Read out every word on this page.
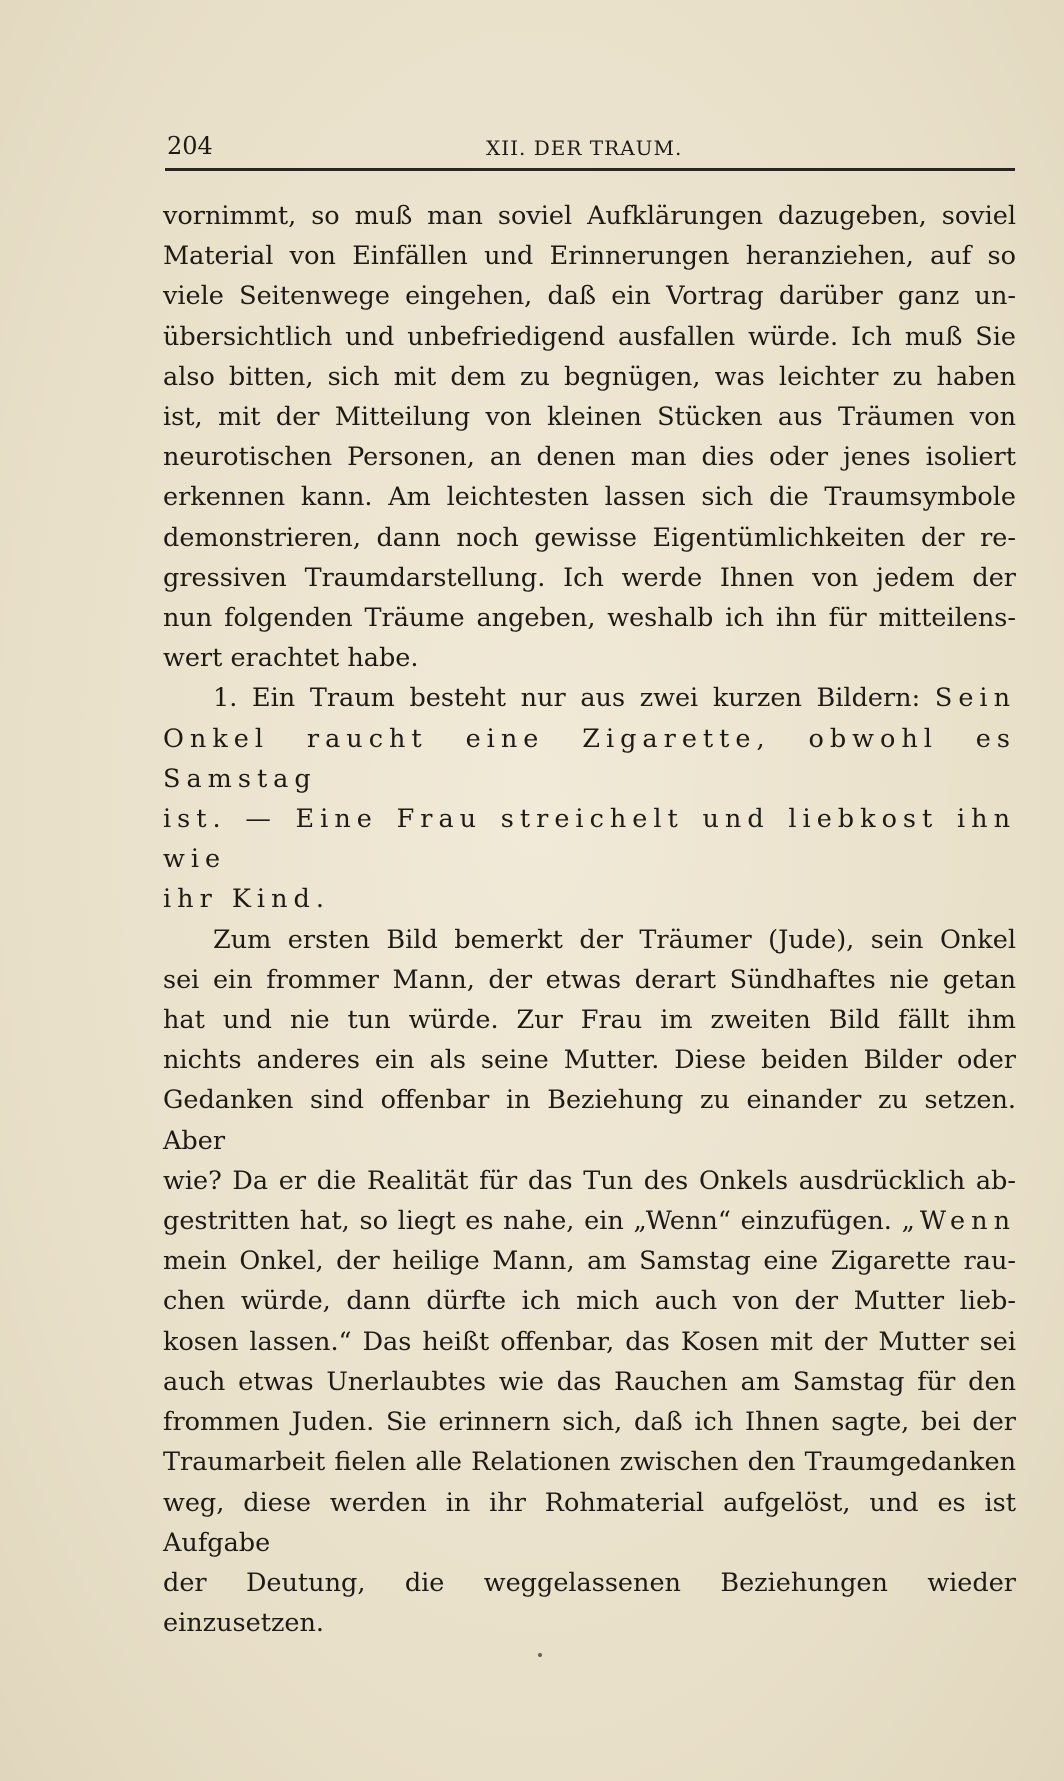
204	XII. DER TRAUM.

vornimmt, so muß man soviel Aufklärungen dazugeben, soviel

Material von Einfällen und Erinnerungen heranziehen, auf so

viele Seitenwege eingehen, daß ein Vortrag darüber ganz un-

übersichtlich und unbefriedigend ausfallen würde. Ich muß Sie

also bitten, sich mit dem zu begnügen, was leichter zu haben

ist, mit der Mitteilung von kleinen Stücken aus Träumen von

neurotischen Personen, an denen man dies oder jenes isoliert

erkennen kann. Am leichtesten lassen sich die Traumsymbole

demonstrieren, dann noch gewisse Eigentümlichkeiten der re-

gressiven Traumdarstellung. Ich werde Ihnen von jedem der

nun folgenden Träume angeben, weshalb ich ihn für mitteilens-

wert erachtet habe.

1. Ein Traum besteht nur aus zwei kurzen Bildern: Sein

Onkel raucht eine Zigarette, obwohl es Samstag

ist. — Eine Frau streichelt und liebkost ihn wie

ihr Kind.

Zum ersten Bild bemerkt der Träumer (Jude), sein Onkel

sei ein frommer Mann, der etwas derart Sündhaftes nie getan

hat und nie tun würde. Zur Frau im zweiten Bild fällt ihm

nichts anderes ein als seine Mutter. Diese beiden Bilder oder

Gedanken sind offenbar in Beziehung zu einander zu setzen. Aber

wie? Da er die Realität für das Tun des Onkels ausdrücklich ab-

gestritten hat, so liegt es nahe, ein „Wenn“ einzufügen. „Wenn

mein Onkel, der heilige Mann, am Samstag eine Zigarette rau-

chen würde, dann dürfte ich mich auch von der Mutter lieb-

kosen lassen.“ Das heißt offenbar, das Kosen mit der Mutter sei

auch etwas Unerlaubtes wie das Rauchen am Samstag für den

frommen Juden. Sie erinnern sich, daß ich Ihnen sagte, bei der

Traumarbeit fielen alle Relationen zwischen den Traumgedanken

weg, diese werden in ihr Rohmaterial aufgelöst, und es ist Aufgabe

der Deutung, die weggelassenen Beziehungen wieder einzusetzen.
